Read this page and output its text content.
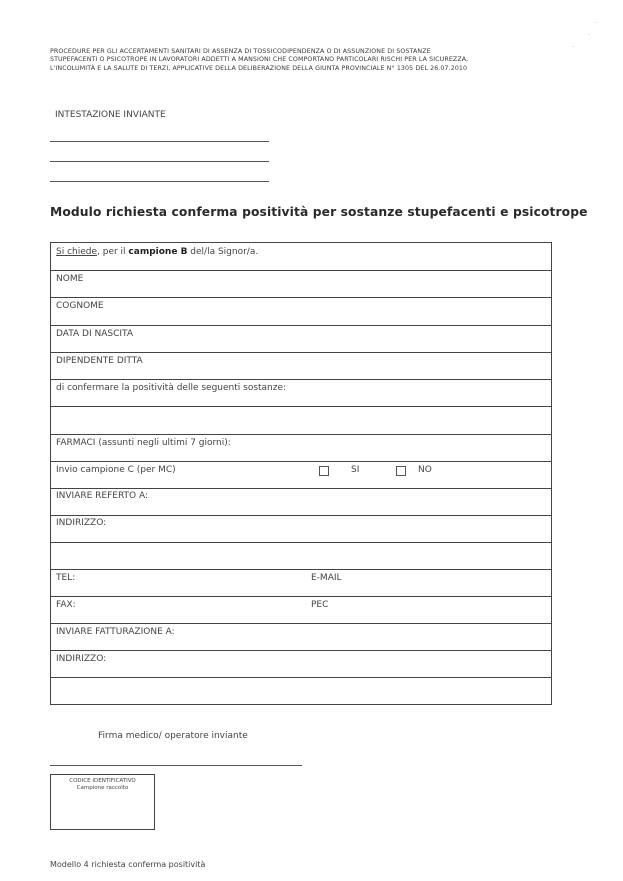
PROCEDURE PER GLI ACCERTAMENTI SANITARI DI ASSENZA DI TOSSICODIPENDENZA O DI ASSUNZIONE DI SOSTANZE
STUPEFACENTI O PSICOTROPE IN LAVORATORI ADDETTI A MANSIONI CHE COMPORTANO PARTICOLARI RISCHI PER LA SICUREZZA,
L'INCOLUMITÀ E LA SALUTE DI TERZI, APPLICATIVE DELLA DELIBERAZIONE DELLA GIUNTA PROVINCIALE N° 1305 DEL 26.07.2010
·
·
·
INTESTAZIONE INVIANTE
Modulo richiesta conferma positività per sostanze stupefacenti e psicotrope
Si chiede, per il campione B del/la Signor/a.
NOME
COGNOME
DATA DI NASCITA
DIPENDENTE DITTA
di confermare la positività delle seguenti sostanze:
FARMACI (assunti negli ultimi 7 giorni):
Invio campione C (per MC)	SI	NO
INVIARE REFERTO A:
INDIRIZZO:
TEL:	E-MAIL
FAX:	PEC
INVIARE FATTURAZIONE A:
INDIRIZZO:
Firma medico/ operatore inviante
CODICE IDENTIFICATIVO
Campione raccolto
Modello 4 richiesta conferma positività
